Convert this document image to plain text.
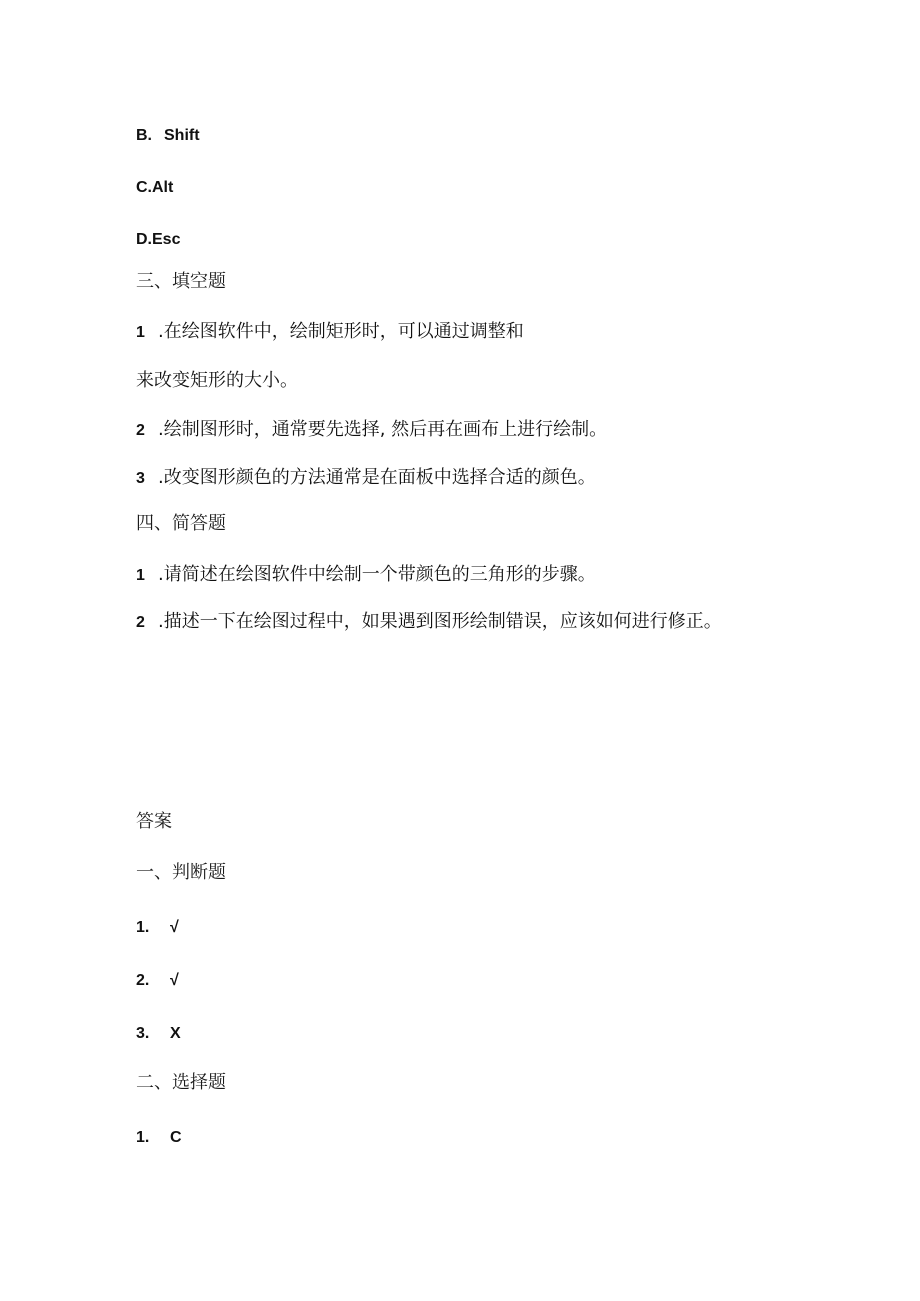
B. Shift
C.Alt
D.Esc
三、填空题
1 .在绘图软件中，绘制矩形时，可以通过调整和
来改变矩形的大小。
2 .绘制图形时，通常要先选择, 然后再在画布上进行绘制。
3 .改变图形颜色的方法通常是在面板中选择合适的颜色。
四、简答题
1 .请简述在绘图软件中绘制一个带颜色的三角形的步骤。
2 .描述一下在绘图过程中，如果遇到图形绘制错误，应该如何进行修正。
答案
一、判断题
1. √
2. √
3. X
二、选择题
1. C
